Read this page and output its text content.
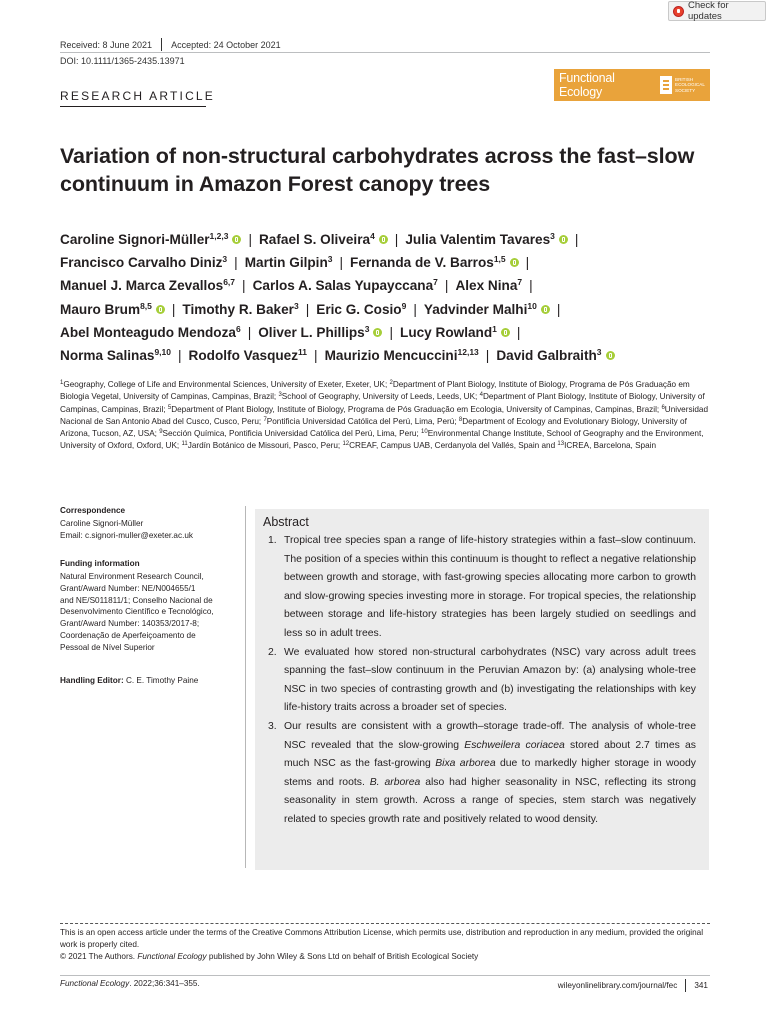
Check for updates
Received: 8 June 2021 Accepted: 24 October 2021
DOI: 10.1111/1365-2435.13971
RESEARCH ARTICLE
Functional Ecology
BRITISH ECOLOGICAL SOCIETY
Variation of non-structural carbohydrates across the fast–slow continuum in Amazon Forest canopy trees
Caroline Signori-Müller$^{1,2,3}$ | Rafael S. Oliveira$^4$ | Julia Valentim Tavares$^3$ |
Francisco Carvalho Diniz$^3$ | Martin Gilpin$^3$ | Fernanda de V. Barros$^{1,5}$ |
Manuel J. Marca Zevallos$^{6,7}$ | Carlos A. Salas Yupayccana$^7$ | Alex Nina$^7$ |
Mauro Brum$^{8,5}$ | Timothy R. Baker$^3$ | Eric G. Cosio$^9$ | Yadvinder Malhi$^{10}$ |
Abel Monteagudo Mendoza$^6$ | Oliver L. Phillips$^3$ | Lucy Rowland$^1$ |
Norma Salinas$^{9,10}$ | Rodolfo Vasquez$^{11}$ | Maurizio Mencuccini$^{12,13}$ | David Galbraith$^3$
$^1$Geography, College of Life and Environmental Sciences, University of Exeter, Exeter, UK; $^2$Department of Plant Biology, Institute of Biology, Programa de Pós Graduação em Biologia Vegetal, University of Campinas, Campinas, Brazil; $^3$School of Geography, University of Leeds, Leeds, UK; $^4$Department of Plant Biology, Institute of Biology, University of Campinas, Campinas, Brazil; $^5$Department of Plant Biology, Institute of Biology, Programa de Pós Graduação em Ecologia, University of Campinas, Campinas, Brazil; $^6$Universidad Nacional de San Antonio Abad del Cusco, Cusco, Peru; $^7$Pontificia Universidad Católica del Perú, Lima, Perú; $^8$Department of Ecology and Evolutionary Biology, University of Arizona, Tucson, AZ, USA; $^9$Sección Química, Pontificia Universidad Católica del Perú, Lima, Peru; $^{10}$Environmental Change Institute, School of Geography and the Environment, University of Oxford, Oxford, UK; $^{11}$Jardín Botánico de Missouri, Pasco, Peru; $^{12}$CREAF, Campus UAB, Cerdanyola del Vallés, Spain and $^{13}$ICREA, Barcelona, Spain
Correspondence
Caroline Signori-Müller
Email: c.signori-muller@exeter.ac.uk
Funding information
Natural Environment Research Council,
Grant/Award Number: NE/N004655/1
and NE/S011811/1; Conselho Nacional de
Desenvolvimento Científico e Tecnológico,
Grant/Award Number: 140353/2017-8;
Coordenação de Aperfeiçoamento de
Pessoal de Nível Superior
Handling Editor: C. E. Timothy Paine
Abstract
1. Tropical tree species span a range of life-history strategies within a fast–slow continuum. The position of a species within this continuum is thought to reflect a negative relationship between growth and storage, with fast-growing species allocating more carbon to growth and slow-growing species investing more in storage. For tropical species, the relationship between storage and life-history strategies has been largely studied on seedlings and less so in adult trees.
2. We evaluated how stored non-structural carbohydrates (NSC) vary across adult trees spanning the fast–slow continuum in the Peruvian Amazon by: (a) analysing whole-tree NSC in two species of contrasting growth and (b) investigating the relationships with key life-history traits across a broader set of species.
3. Our results are consistent with a growth–storage trade-off. The analysis of whole-tree NSC revealed that the slow-growing Eschweilera coriacea stored about 2.7 times as much NSC as the fast-growing Bixa arborea due to markedly higher storage in woody stems and roots. B. arborea also had higher seasonality in NSC, reflecting its strong seasonality in stem growth. Across a range of species, stem starch was negatively related to species growth rate and positively related to wood density.
This is an open access article under the terms of the Creative Commons Attribution License, which permits use, distribution and reproduction in any medium, provided the original work is properly cited.
© 2021 The Authors. Functional Ecology published by John Wiley & Sons Ltd on behalf of British Ecological Society
Functional Ecology. 2022;36:341–355.	wileyonlinelibrary.com/journal/fec 341
